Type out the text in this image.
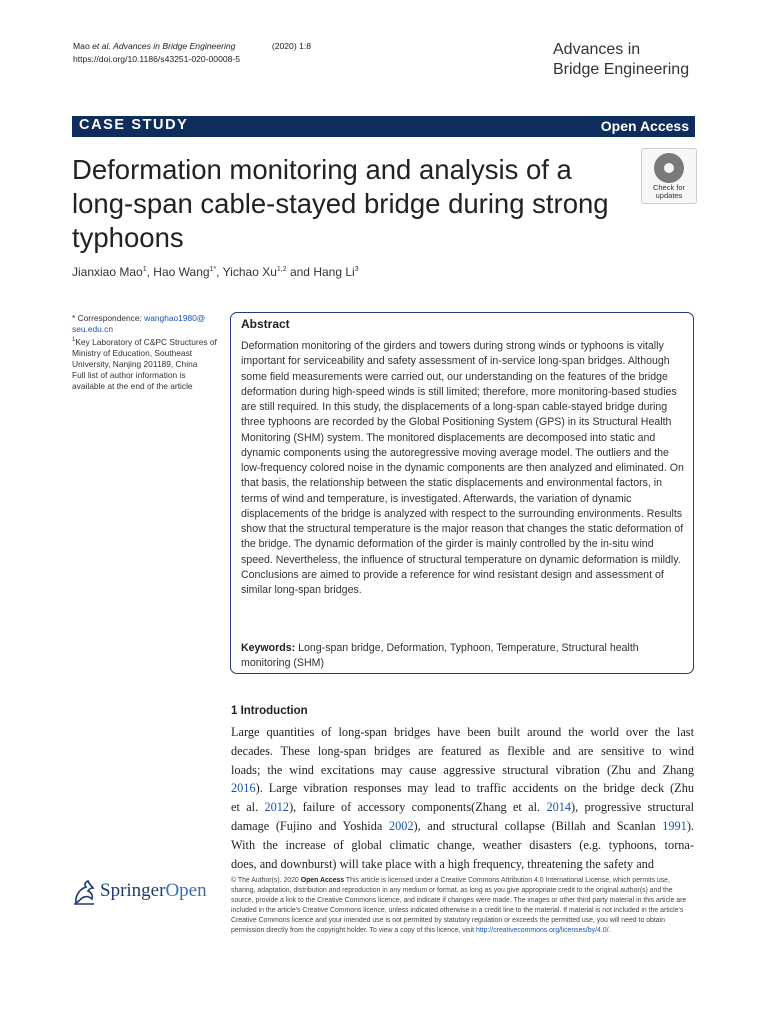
Mao et al. Advances in Bridge Engineering	(2020) 1:8
https://doi.org/10.1186/s43251-020-00008-5
Advances in
Bridge Engineering
CASE STUDY	Open Access
Deformation monitoring and analysis of a long-span cable-stayed bridge during strong typhoons
Check for
updates
Jianxiao Mao$^1$, Hao Wang$^{1*}$, Yichao Xu$^{1,2}$ and Hang Li$^3$
* Correspondence: wanghao1980@
seu.edu.cn
$^1$Key Laboratory of C&PC Structures of Ministry of Education, Southeast University, Nanjing 201189, China
Full list of author information is available at the end of the article
Abstract
Deformation monitoring of the girders and towers during strong winds or typhoons is vitally important for serviceability and safety assessment of in-service long-span bridges. Although some field measurements were carried out, our understanding on the features of the bridge deformation during high-speed winds is still limited; therefore, more monitoring-based studies are still required. In this study, the displacements of a long-span cable-stayed bridge during three typhoons are recorded by the Global Positioning System (GPS) in its Structural Health Monitoring (SHM) system. The monitored displacements are decomposed into static and dynamic components using the autoregressive moving average model. The outliers and the low-frequency colored noise in the dynamic components are then analyzed and eliminated. On that basis, the relationship between the static displacements and environmental factors, in terms of wind and temperature, is investigated. Afterwards, the variation of dynamic displacements of the bridge is analyzed with respect to the surrounding environments. Results show that the structural temperature is the major reason that changes the static deformation of the bridge. The dynamic deformation of the girder is mainly controlled by the in-situ wind speed. Nevertheless, the influence of structural temperature on dynamic deformation is mildly. Conclusions are aimed to provide a reference for wind resistant design and assessment of similar long-span bridges.
Keywords: Long-span bridge, Deformation, Typhoon, Temperature, Structural health monitoring (SHM)
1 Introduction
Large quantities of long-span bridges have been built around the world over the last
decades. These long-span bridges are featured as flexible and are sensitive to wind
loads; the wind excitations may cause aggressive structural vibration (Zhu and Zhang
2016). Large vibration responses may lead to traffic accidents on the bridge deck (Zhu
et al. 2012), failure of accessory components(Zhang et al. 2014), progressive structural
damage (Fujino and Yoshida 2002), and structural collapse (Billah and Scanlan 1991).
With the increase of global climatic change, weather disasters (e.g. typhoons, torna-
does, and downburst) will take place with a high frequency, threatening the safety and
SpringerOpen	© The Author(s). 2020 Open Access This article is licensed under a Creative Commons Attribution 4.0 International License, which permits use, sharing, adaptation, distribution and reproduction in any medium or format, as long as you give appropriate credit to the original author(s) and the source, provide a link to the Creative Commons licence, and indicate if changes were made. The images or other third party material in this article are included in the article's Creative Commons licence, unless indicated otherwise in a credit line to the material. If material is not included in the article's Creative Commons licence and your intended use is not permitted by statutory regulation or exceeds the permitted use, you will need to obtain permission directly from the copyright holder. To view a copy of this licence, visit http://creativecommons.org/licenses/by/4.0/.
